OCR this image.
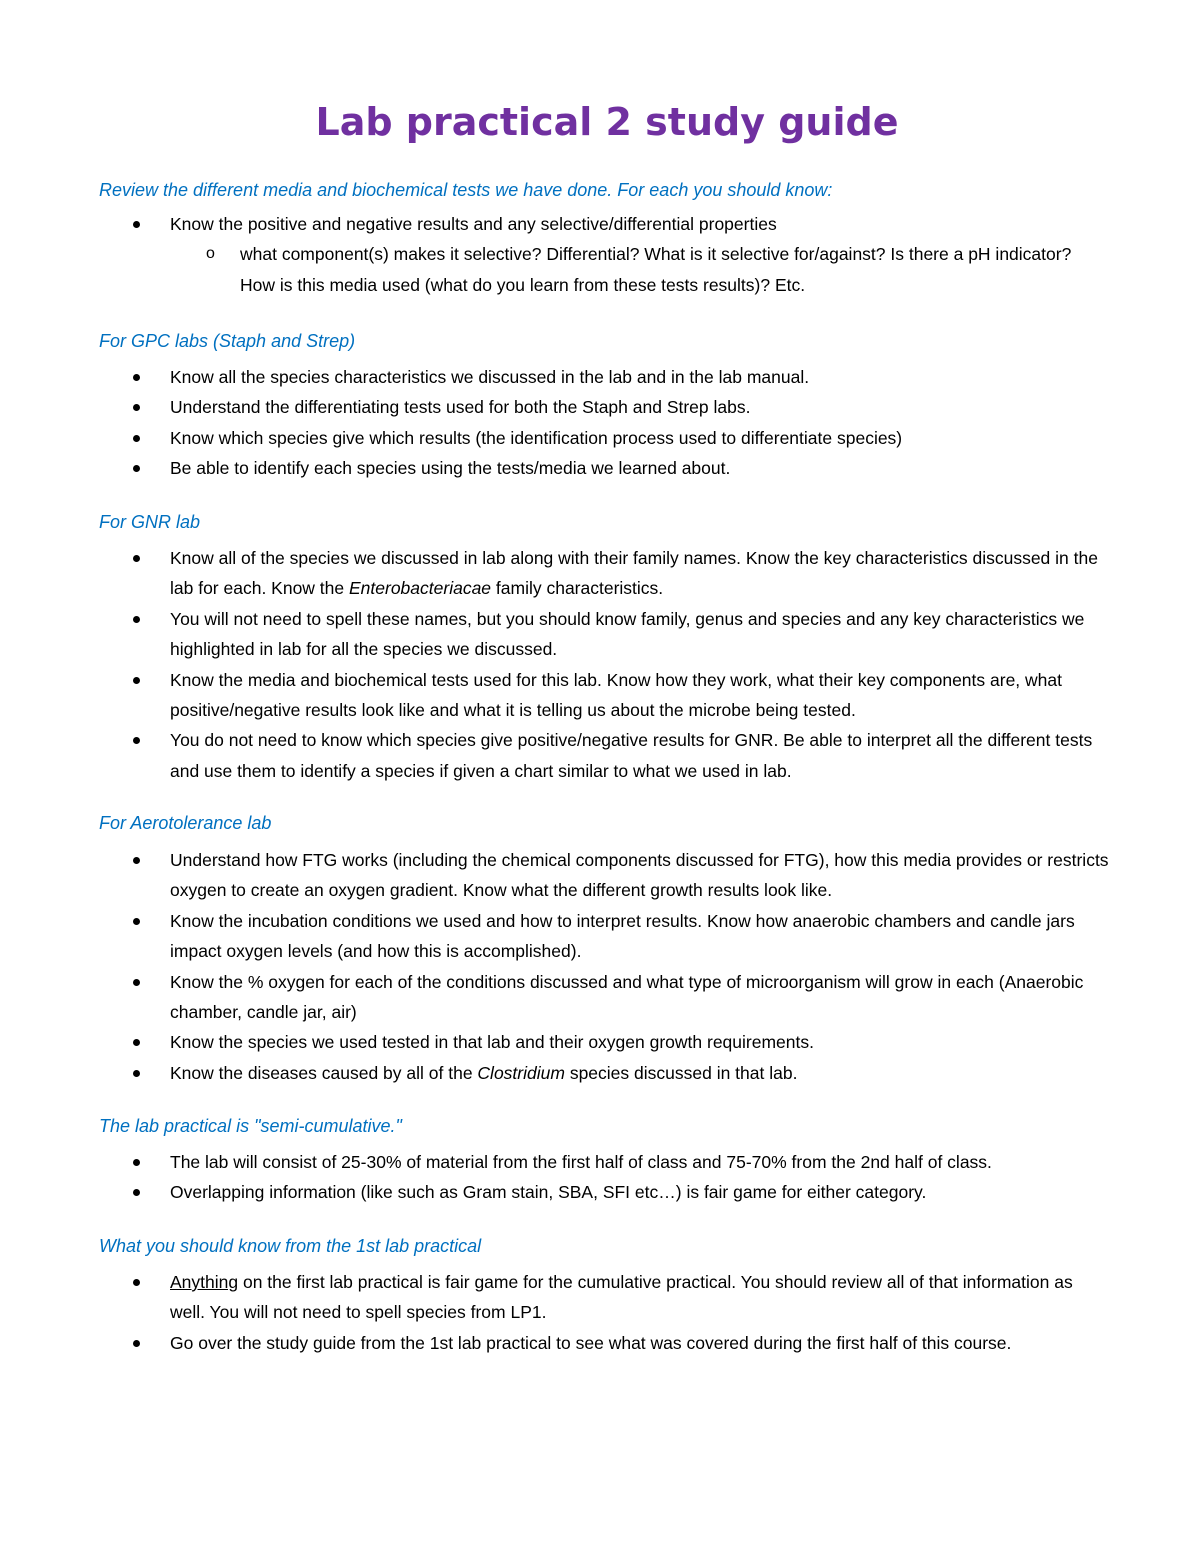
Lab practical 2 study guide

Review the different media and biochemical tests we have done. For each you should know:

Know the positive and negative results and any selective/differential properties
o what component(s) makes it selective? Differential? What is it selective for/against? Is there a pH indicator? How is this media used (what do you learn from these tests results)? Etc.

For GPC labs (Staph and Strep)

Know all the species characteristics we discussed in the lab and in the lab manual.
Understand the differentiating tests used for both the Staph and Strep labs.
Know which species give which results (the identification process used to differentiate species)
Be able to identify each species using the tests/media we learned about.

For GNR lab

Know all of the species we discussed in lab along with their family names. Know the key characteristics discussed in the lab for each. Know the Enterobacteriacae family characteristics.
You will not need to spell these names, but you should know family, genus and species and any key characteristics we highlighted in lab for all the species we discussed.
Know the media and biochemical tests used for this lab. Know how they work, what their key components are, what positive/negative results look like and what it is telling us about the microbe being tested.
You do not need to know which species give positive/negative results for GNR. Be able to interpret all the different tests and use them to identify a species if given a chart similar to what we used in lab.

For Aerotolerance lab

Understand how FTG works (including the chemical components discussed for FTG), how this media provides or restricts oxygen to create an oxygen gradient. Know what the different growth results look like.
Know the incubation conditions we used and how to interpret results. Know how anaerobic chambers and candle jars impact oxygen levels (and how this is accomplished).
Know the % oxygen for each of the conditions discussed and what type of microorganism will grow in each (Anaerobic chamber, candle jar, air)
Know the species we used tested in that lab and their oxygen growth requirements.
Know the diseases caused by all of the Clostridium species discussed in that lab.

The lab practical is "semi-cumulative."

The lab will consist of 25-30% of material from the first half of class and 75-70% from the 2nd half of class.
Overlapping information (like such as Gram stain, SBA, SFI etc…) is fair game for either category.

What you should know from the 1st lab practical

Anything on the first lab practical is fair game for the cumulative practical. You should review all of that information as well. You will not need to spell species from LP1.
Go over the study guide from the 1st lab practical to see what was covered during the first half of this course.
